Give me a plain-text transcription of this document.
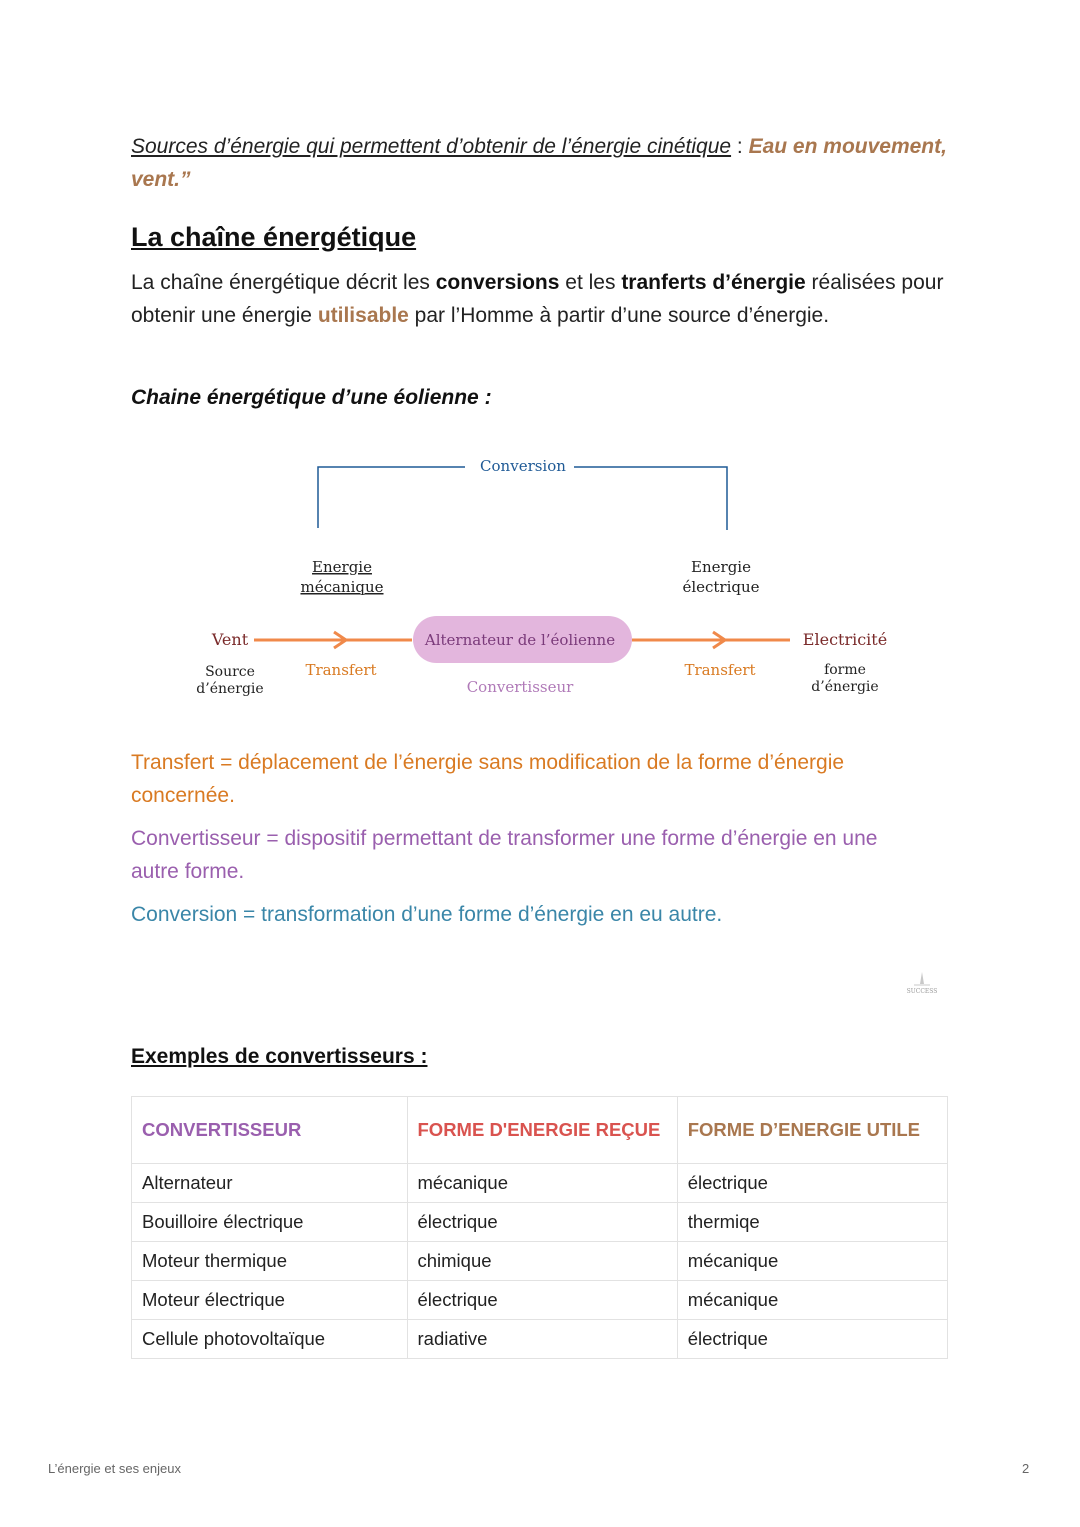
Sources d’énergie qui permettent d’obtenir de l’énergie cinétique : Eau en mouvement, vent.”
La chaîne énergétique
La chaîne énergétique décrit les conversions et les tranferts d’énergie réalisées pour obtenir une énergie utilisable par l’Homme à partir d’une source d’énergie.
Chaine énergétique d’une éolienne :
Conversion
Energie
mécanique
Energie
électrique
Vent	Alternateur de l’éolienne	Electricité
Source
d’énergie
Transfert
Convertisseur
Transfert	forme
d’énergie
Transfert = déplacement de l’énergie sans modification de la forme d’énergie concernée.
Convertisseur = dispositif permettant de transformer une forme d’énergie en une autre forme.
Conversion = transformation d’une forme d’énergie en eu autre.
SUCCESS
Exemples de convertisseurs :
CONVERTISSEUR	FORME D'ENERGIE REÇUE	FORME D’ENERGIE UTILE
Alternateur	mécanique	électrique
Bouilloire électrique	électrique	thermiqe
Moteur thermique	chimique	mécanique
Moteur électrique	électrique	mécanique
Cellule photovoltaïque	radiative	électrique
L’énergie et ses enjeux	2
